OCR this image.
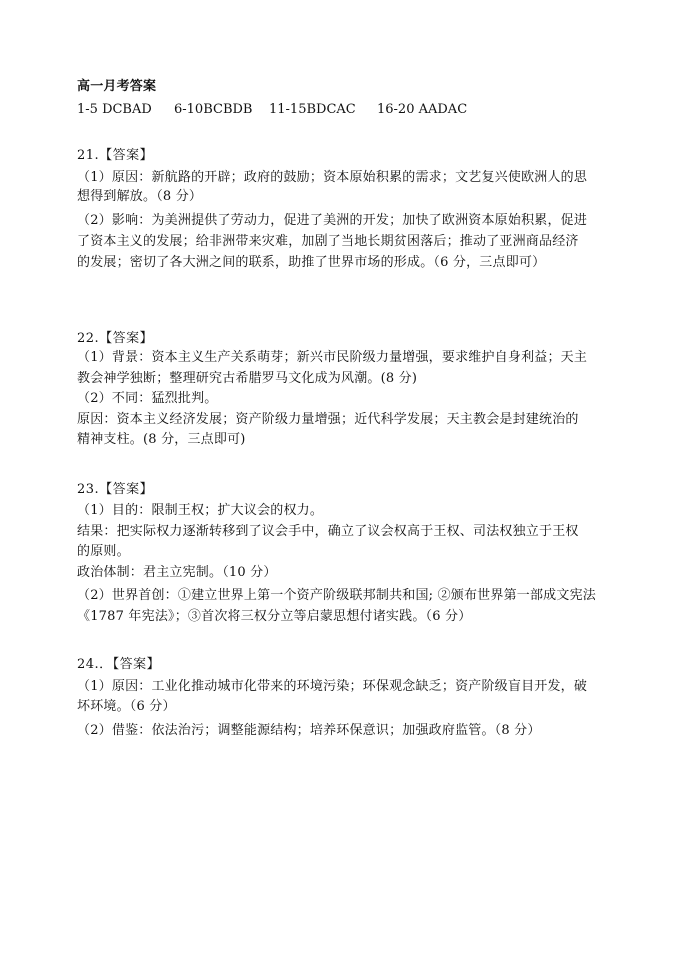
高一月考答案
1-5 DCBAD 6-10BCBDB 11-15BDCAC 16-20 AADAC
21.【答案】
（1）原因：新航路的开辟；政府的鼓励；资本原始积累的需求；文艺复兴使欧洲人的思
想得到解放。（8 分）
（2）影响：为美洲提供了劳动力，促进了美洲的开发；加快了欧洲资本原始积累，促进
了资本主义的发展；给非洲带来灾难，加剧了当地长期贫困落后；推动了亚洲商品经济
的发展；密切了各大洲之间的联系，助推了世界市场的形成。（6 分，三点即可）
22.【答案】
（1）背景：资本主义生产关系萌芽；新兴市民阶级力量增强，要求维护自身利益；天主
教会神学独断；整理研究古希腊罗马文化成为风潮。(8 分)
（2）不同：猛烈批判。
原因：资本主义经济发展；资产阶级力量增强；近代科学发展；天主教会是封建统治的
精神支柱。(8 分，三点即可)
23.【答案】
（1）目的：限制王权；扩大议会的权力。
结果：把实际权力逐渐转移到了议会手中，确立了议会权高于王权、司法权独立于王权
的原则。
政治体制：君主立宪制。（10 分）
（2）世界首创：①建立世界上第一个资产阶级联邦制共和国; ②颁布世界第一部成文宪法
《1787 年宪法》；③首次将三权分立等启蒙思想付诸实践。（6 分）
24.．【答案】
（1）原因：工业化推动城市化带来的环境污染；环保观念缺乏；资产阶级盲目开发，破
坏环境。（6 分）
（2）借鉴：依法治污；调整能源结构；培养环保意识；加强政府监管。（8 分）
